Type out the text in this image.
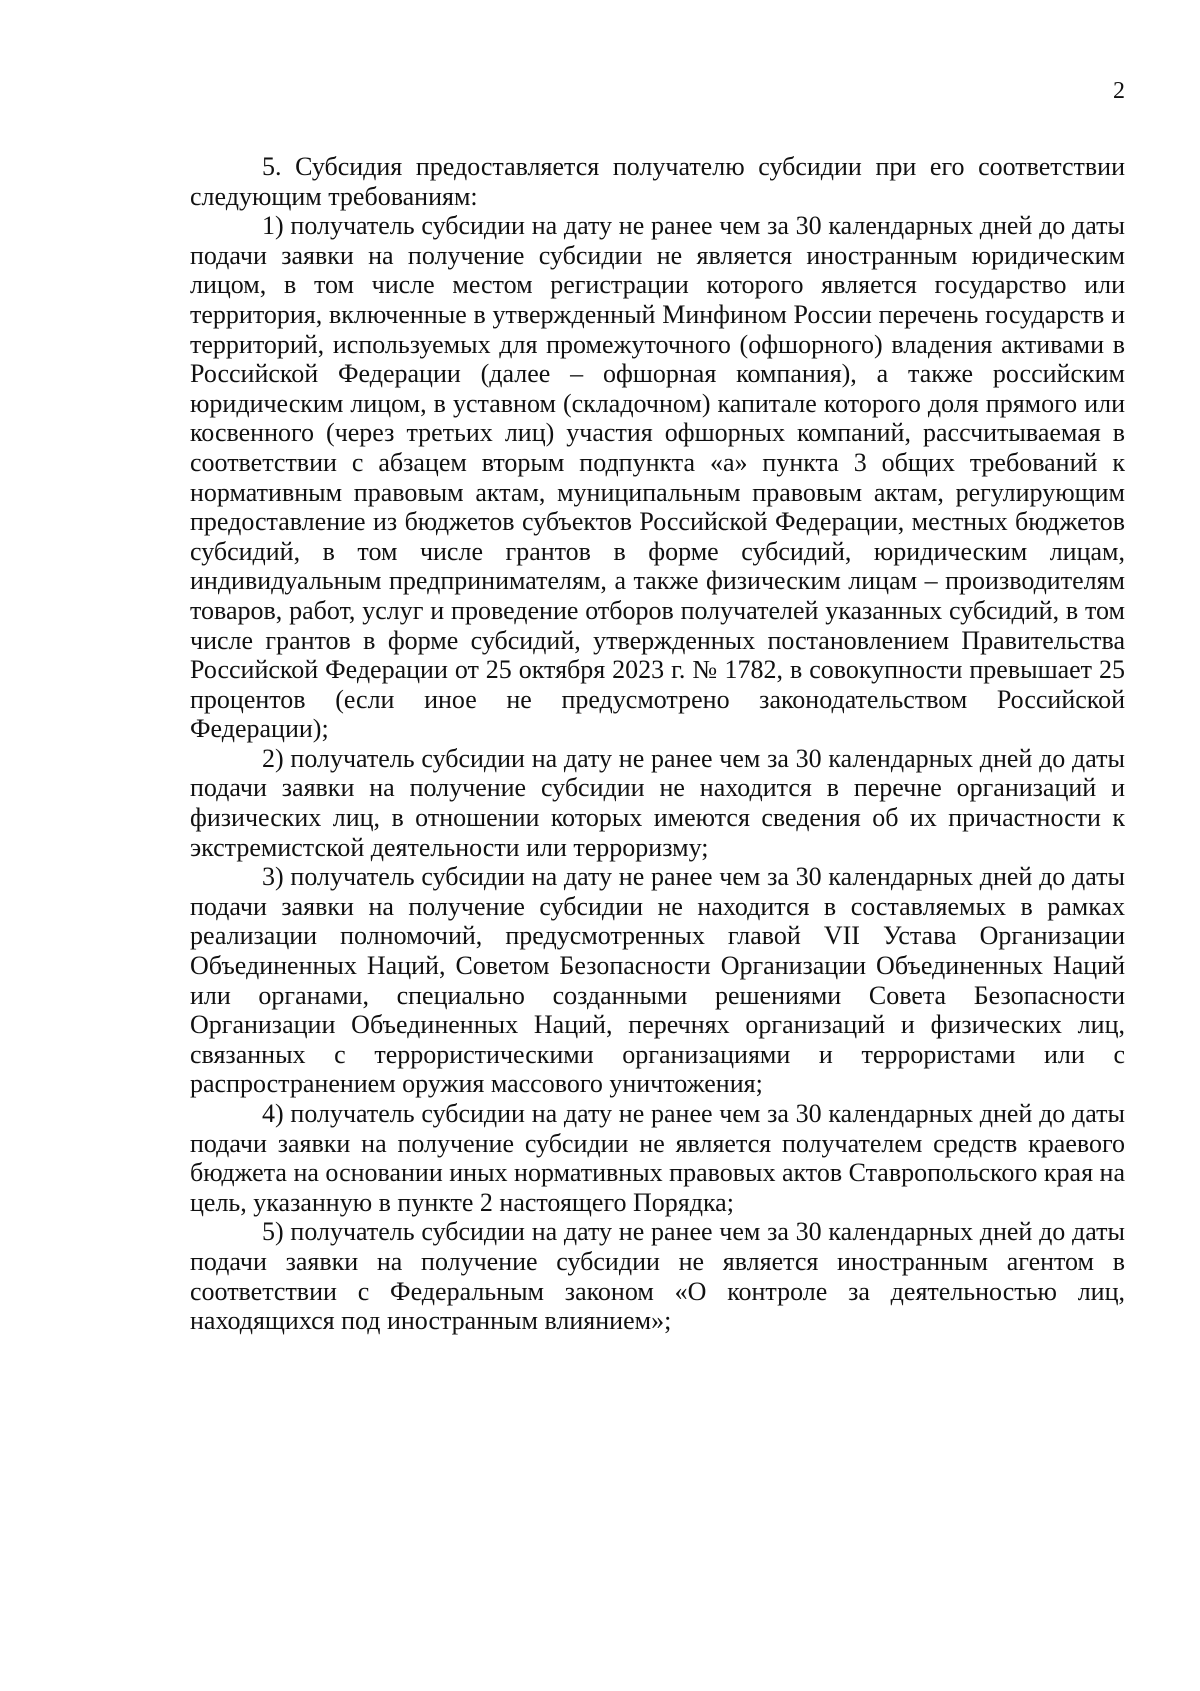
2

5. Субсидия предоставляется получателю субсидии при его соответствии следующим требованиям:

1) получатель субсидии на дату не ранее чем за 30 календарных дней до даты подачи заявки на получение субсидии не является иностранным юридическим лицом, в том числе местом регистрации которого является государство или территория, включенные в утвержденный Минфином России перечень государств и территорий, используемых для промежуточного (офшорного) владения активами в Российской Федерации (далее – офшорная компания), а также российским юридическим лицом, в уставном (складочном) капитале которого доля прямого или косвенного (через третьих лиц) участия офшорных компаний, рассчитываемая в соответствии с абзацем вторым подпункта «а» пункта 3 общих требований к нормативным правовым актам, муниципальным правовым актам, регулирующим предоставление из бюджетов субъектов Российской Федерации, местных бюджетов субсидий, в том числе грантов в форме субсидий, юридическим лицам, индивидуальным предпринимателям, а также физическим лицам – производителям товаров, работ, услуг и проведение отборов получателей указанных субсидий, в том числе грантов в форме субсидий, утвержденных постановлением Правительства Российской Федерации от 25 октября 2023 г. № 1782, в совокупности превышает 25 процентов (если иное не предусмотрено законодательством Российской Федерации);

2) получатель субсидии на дату не ранее чем за 30 календарных дней до даты подачи заявки на получение субсидии не находится в перечне организаций и физических лиц, в отношении которых имеются сведения об их причастности к экстремистской деятельности или терроризму;

3) получатель субсидии на дату не ранее чем за 30 календарных дней до даты подачи заявки на получение субсидии не находится в составляемых в рамках реализации полномочий, предусмотренных главой VII Устава Организации Объединенных Наций, Советом Безопасности Организации Объединенных Наций или органами, специально созданными решениями Совета Безопасности Организации Объединенных Наций, перечнях организаций и физических лиц, связанных с террористическими организациями и террористами или с распространением оружия массового уничтожения;

4) получатель субсидии на дату не ранее чем за 30 календарных дней до даты подачи заявки на получение субсидии не является получателем средств краевого бюджета на основании иных нормативных правовых актов Ставропольского края на цель, указанную в пункте 2 настоящего Порядка;

5) получатель субсидии на дату не ранее чем за 30 календарных дней до даты подачи заявки на получение субсидии не является иностранным агентом в соответствии с Федеральным законом «О контроле за деятельностью лиц, находящихся под иностранным влиянием»;
